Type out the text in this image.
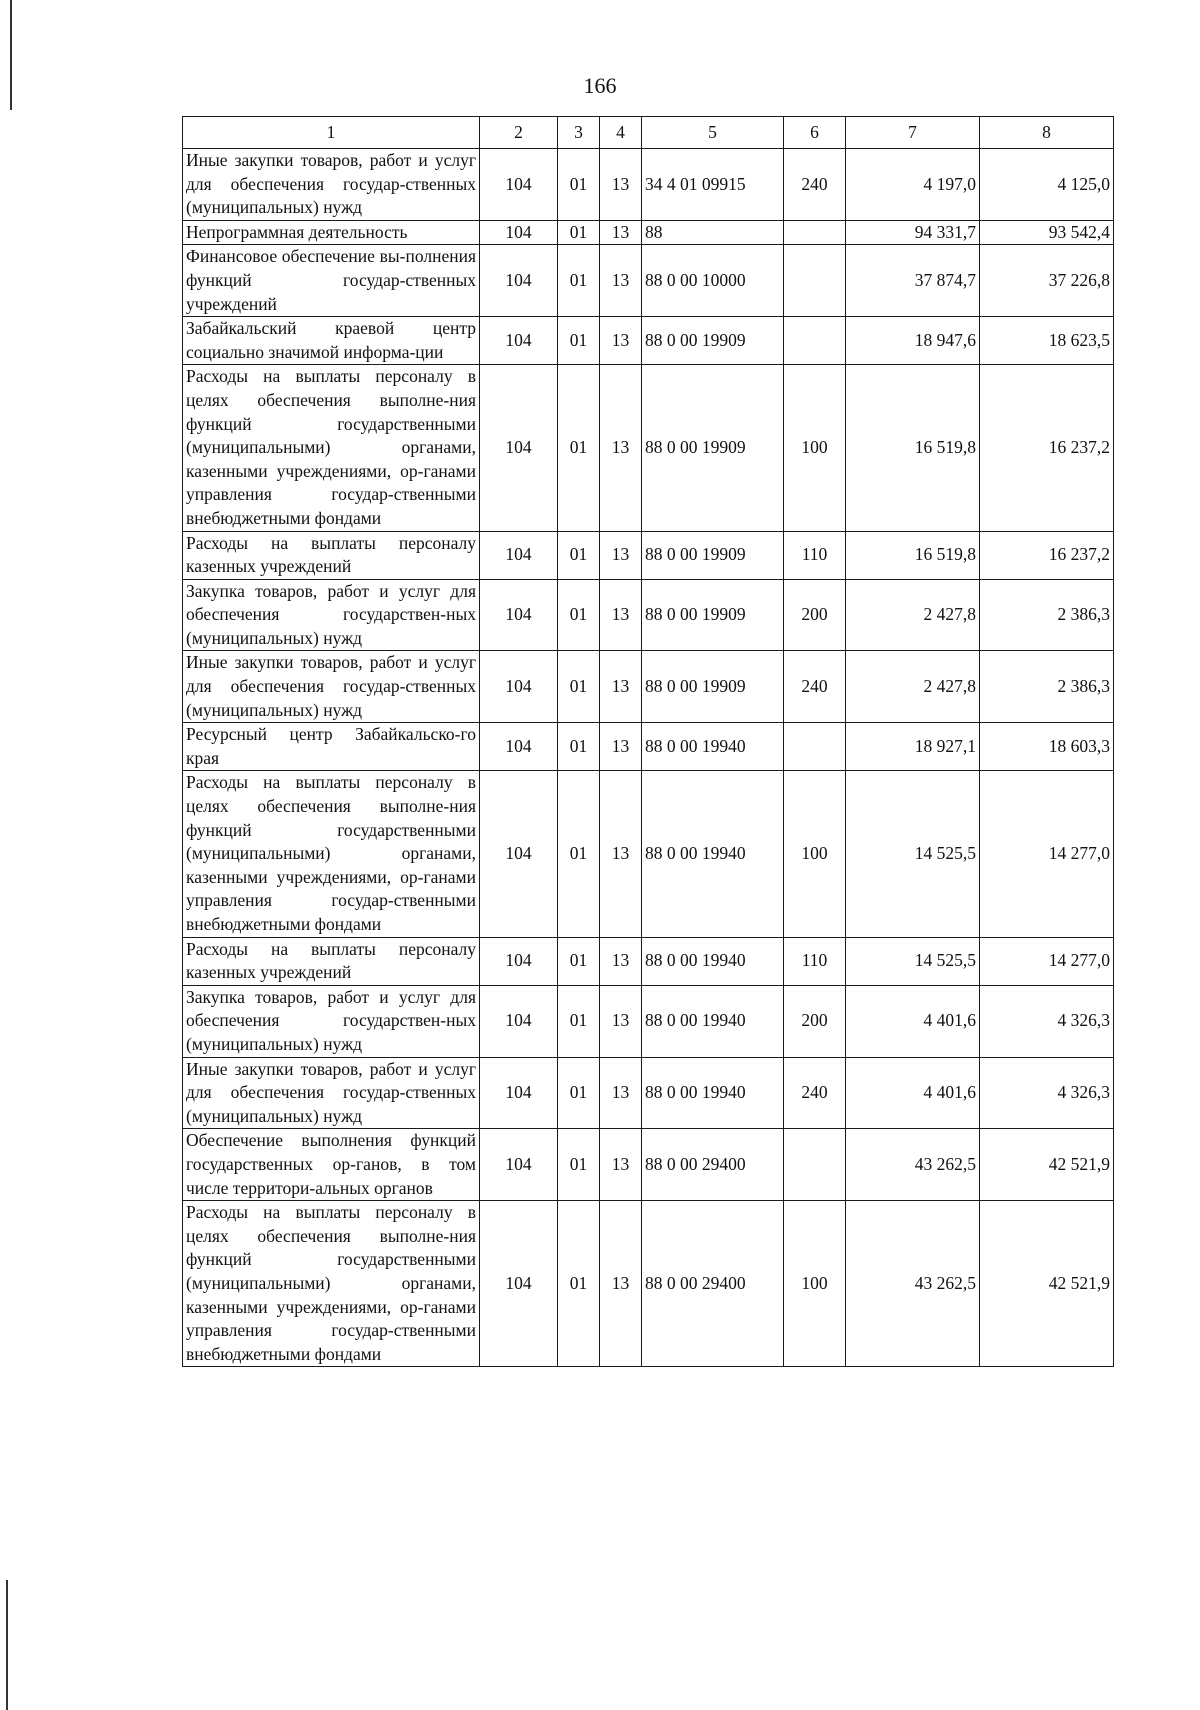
166
1	2	3	4	5	6	7	8
Иные закупки товаров, работ и услуг для обеспечения государ-ственных (муниципальных) нужд	104	01	13	34 4 01 09915	240	4 197,0	4 125,0
Непрограммная деятельность	104	01	13	88		94 331,7	93 542,4
Финансовое обеспечение вы-полнения функций государ-ственных учреждений	104	01	13	88 0 00 10000		37 874,7	37 226,8
Забайкальский краевой центр социально значимой информа-ции	104	01	13	88 0 00 19909		18 947,6	18 623,5
Расходы на выплаты персоналу в целях обеспечения выполне-ния функций государственными (муниципальными) органами, казенными учреждениями, ор-ганами управления государ-ственными внебюджетными фондами	104	01	13	88 0 00 19909	100	16 519,8	16 237,2
Расходы на выплаты персоналу казенных учреждений	104	01	13	88 0 00 19909	110	16 519,8	16 237,2
Закупка товаров, работ и услуг для обеспечения государствен-ных (муниципальных) нужд	104	01	13	88 0 00 19909	200	2 427,8	2 386,3
Иные закупки товаров, работ и услуг для обеспечения государ-ственных (муниципальных) нужд	104	01	13	88 0 00 19909	240	2 427,8	2 386,3
Ресурсный центр Забайкальско-го края	104	01	13	88 0 00 19940		18 927,1	18 603,3
Расходы на выплаты персоналу в целях обеспечения выполне-ния функций государственными (муниципальными) органами, казенными учреждениями, ор-ганами управления государ-ственными внебюджетными фондами	104	01	13	88 0 00 19940	100	14 525,5	14 277,0
Расходы на выплаты персоналу казенных учреждений	104	01	13	88 0 00 19940	110	14 525,5	14 277,0
Закупка товаров, работ и услуг для обеспечения государствен-ных (муниципальных) нужд	104	01	13	88 0 00 19940	200	4 401,6	4 326,3
Иные закупки товаров, работ и услуг для обеспечения государ-ственных (муниципальных) нужд	104	01	13	88 0 00 19940	240	4 401,6	4 326,3
Обеспечение выполнения функций государственных ор-ганов, в том числе территори-альных органов	104	01	13	88 0 00 29400		43 262,5	42 521,9
Расходы на выплаты персоналу в целях обеспечения выполне-ния функций государственными (муниципальными) органами, казенными учреждениями, ор-ганами управления государ-ственными внебюджетными фондами	104	01	13	88 0 00 29400	100	43 262,5	42 521,9
